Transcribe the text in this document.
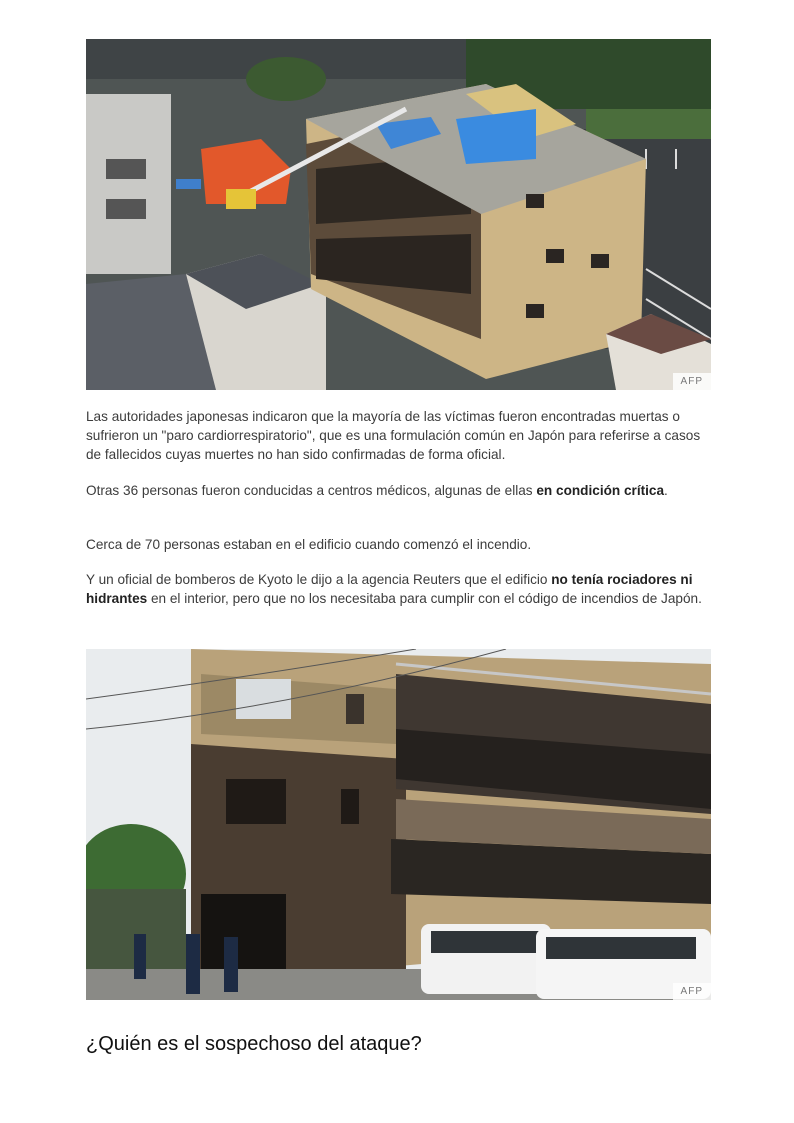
AFP

Las autoridades japonesas indicaron que la mayoría de las víctimas fueron encontradas muertas o sufrieron un "paro cardiorrespiratorio", que es una formulación común en Japón para referirse a casos de fallecidos cuyas muertes no han sido confirmadas de forma oficial.

Otras 36 personas fueron conducidas a centros médicos, algunas de ellas en condición crítica.

Cerca de 70 personas estaban en el edificio cuando comenzó el incendio.

Y un oficial de bomberos de Kyoto le dijo a la agencia Reuters que el edificio no tenía rociadores ni hidrantes en el interior, pero que no los necesitaba para cumplir con el código de incendios de Japón.

AFP
¿Quién es el sospechoso del ataque?
